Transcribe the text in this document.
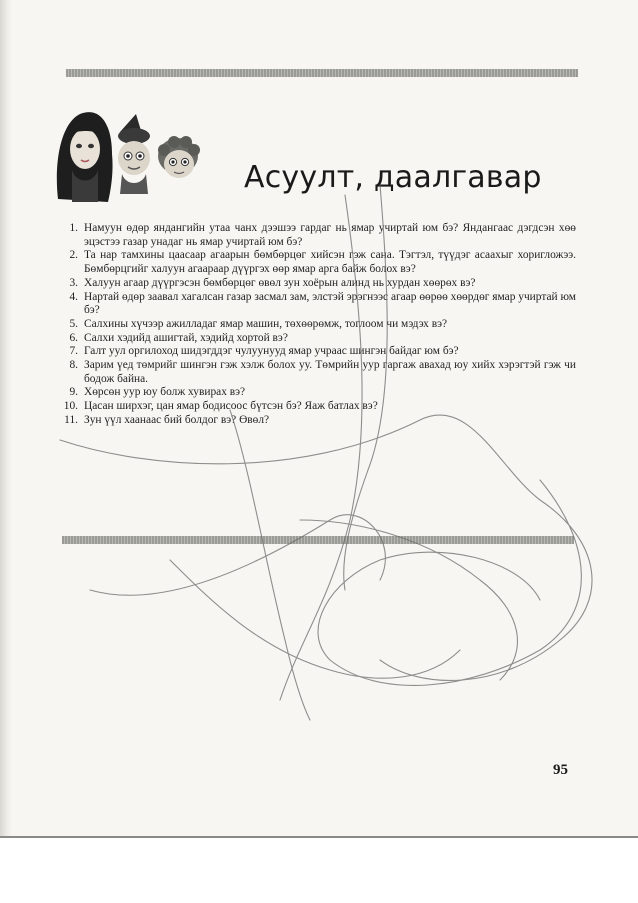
Асуулт, даалгавар
1. Намуун өдөр яндангийн утаа чанх дээшээ гардаг нь ямар учиртай юм бэ? Яндангаас дэгдсэн хөө эцэстээ газар унадаг нь ямар учиртай юм бэ?
2. Та нар тамхины цаасаар агаарын бөмбөрцөг хийсэн гэж сана. Тэгтэл, түүдэг асаахыг хоригложээ. Бөмбөрцгийг халуун агаараар дүүргэх өөр ямар арга байж болох вэ?
3. Халуун агаар дүүргэсэн бөмбөрцөг өвөл зун хоёрын алинд нь хурдан хөөрөх вэ?
4. Нартай өдөр заавал хагалсан газар засмал зам, элстэй эрэгнээс агаар өөрөө хөөрдөг ямар учиртай юм бэ?
5. Салхины хүчээр ажилладаг ямар машин, төхөөрөмж, тоглоом чи мэдэх вэ?
6. Салхи хэдийд ашигтай, хэдийд хортой вэ?
7. Галт уул оргилоход шидэгддэг чулуунууд ямар учраас шингэн байдаг юм бэ?
8. Зарим үед төмрийг шингэн гэж хэлж болох уу. Төмрийн уур гаргаж авахад юу хийх хэрэгтэй гэж чи бодож байна.
9. Хөрсөн уур юу болж хувирах вэ?
10. Цасан ширхэг, цан ямар бодисоос бүтсэн бэ? Яаж батлах вэ?
11. Зун үүл хаанаас бий болдог вэ? Өвөл?
95
